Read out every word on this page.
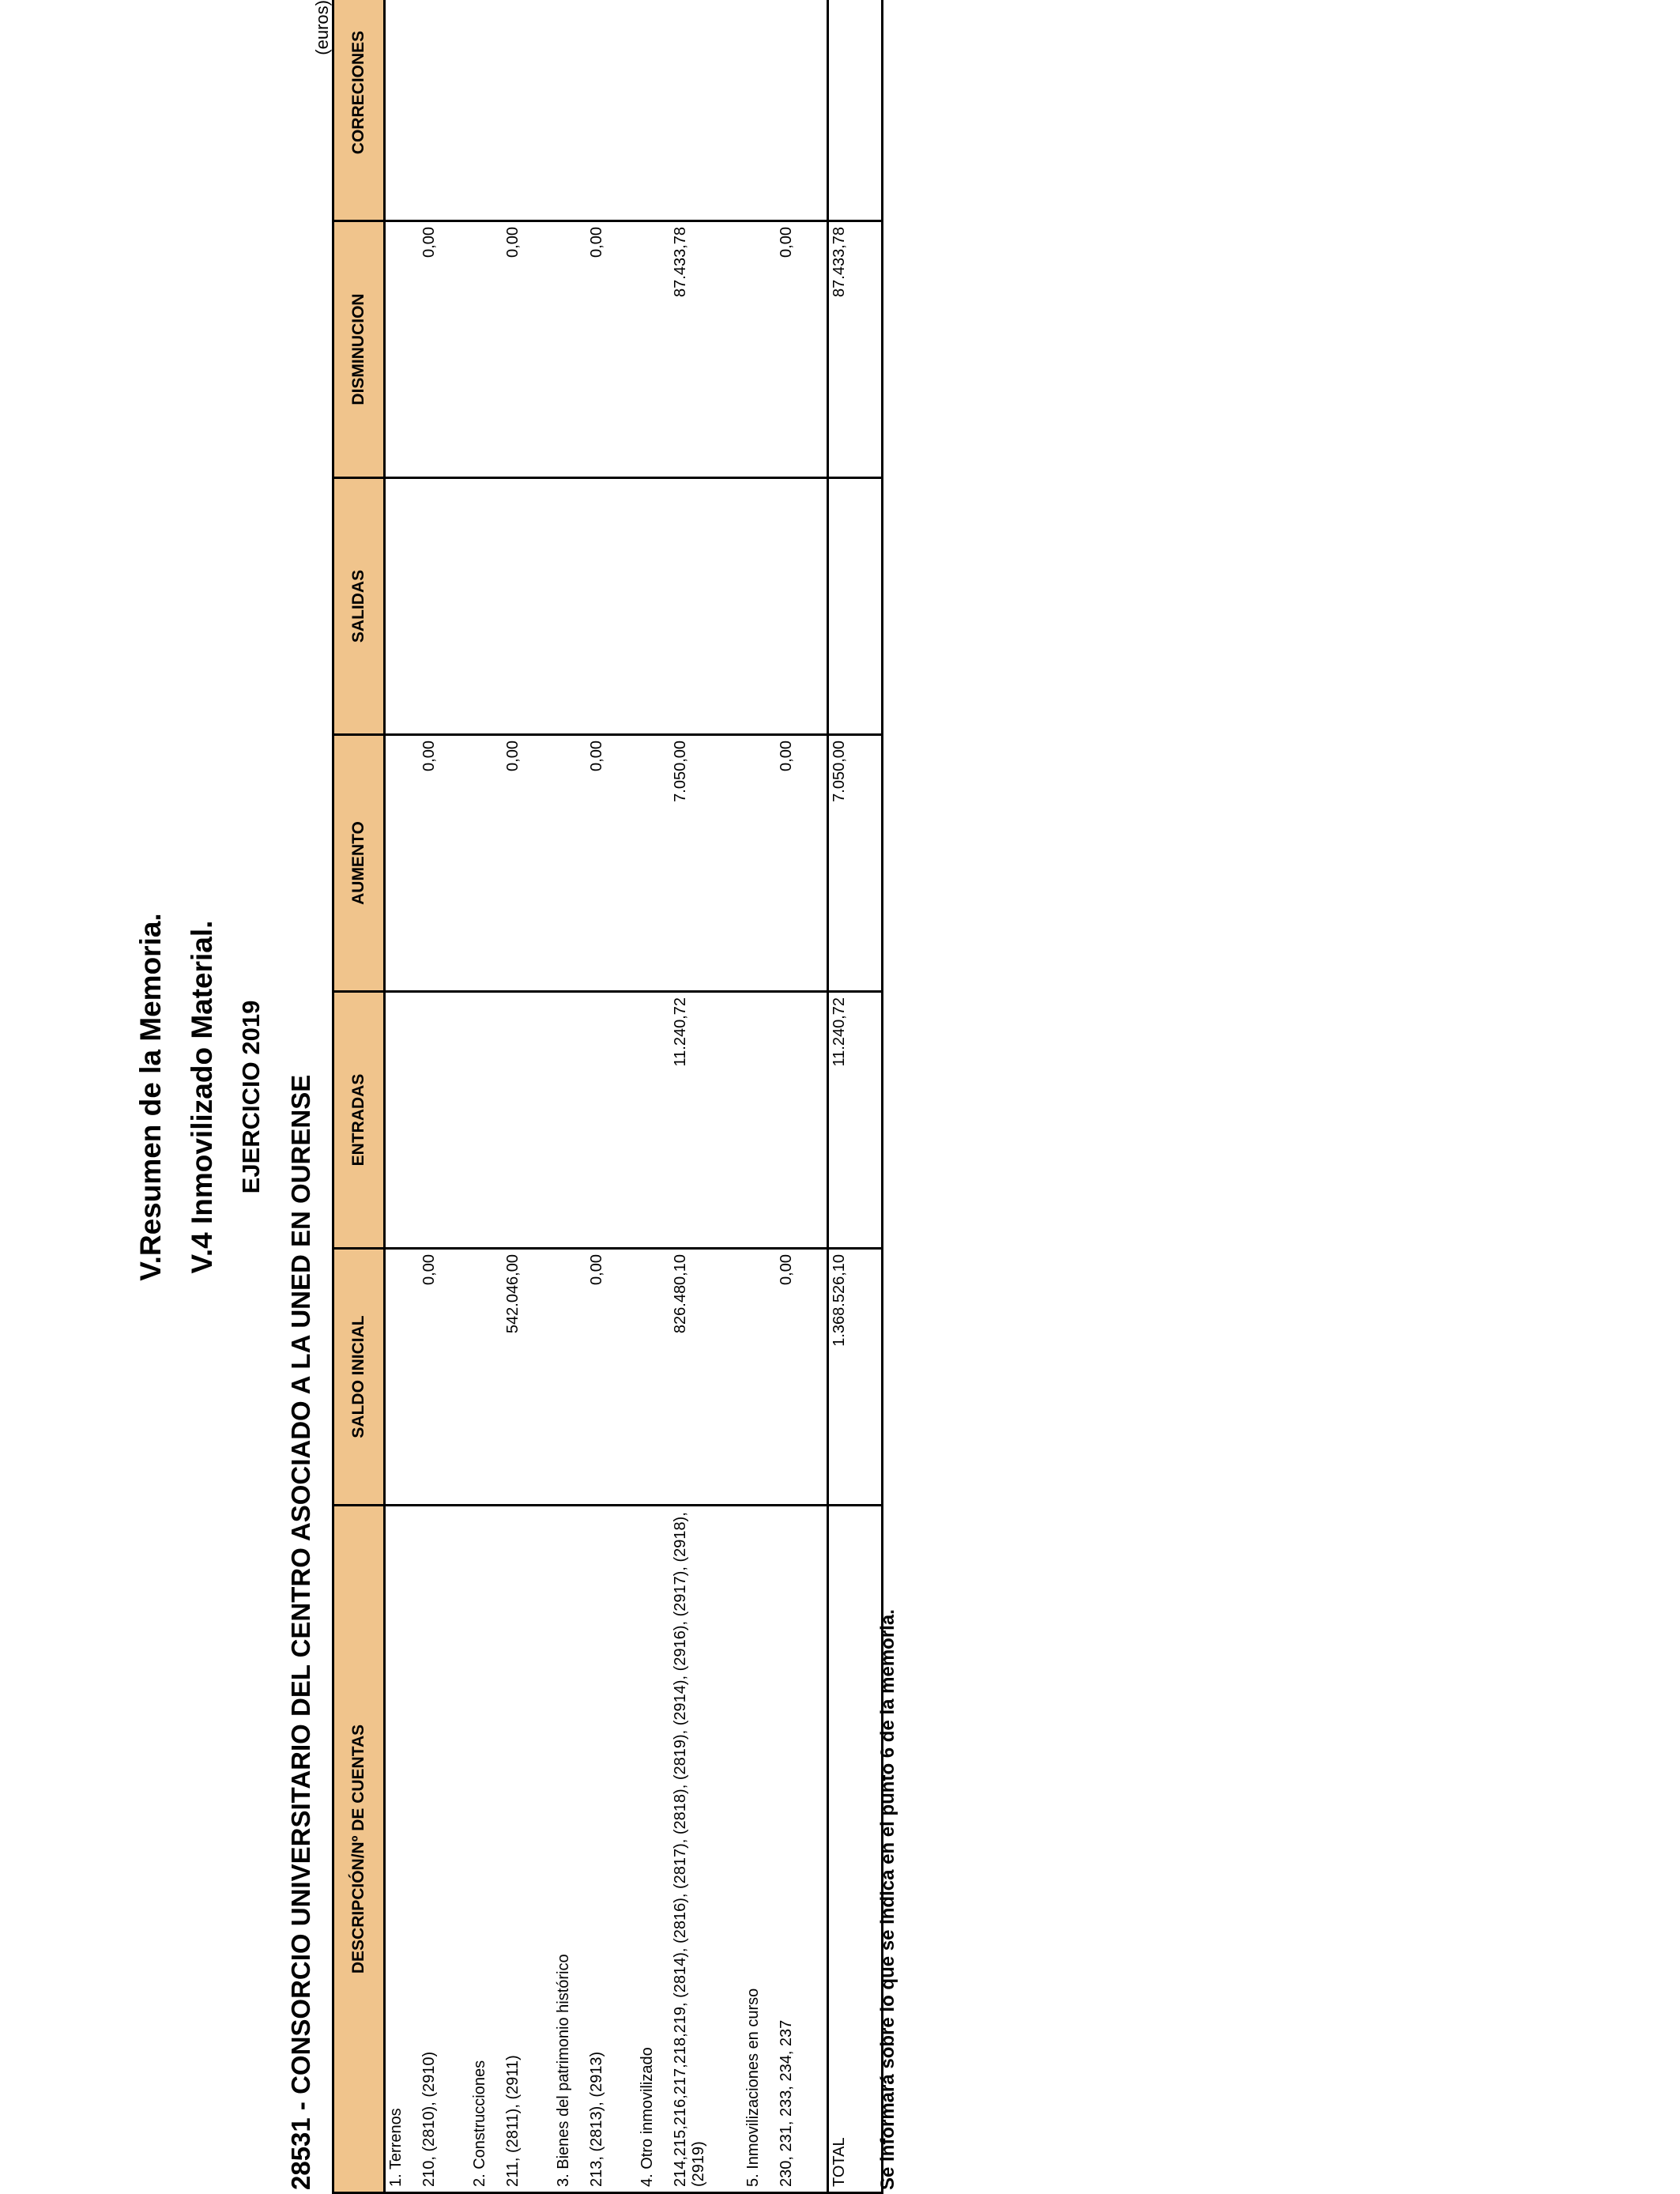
V.Resumen de la Memoria. V.4 Inmovilizado Material. EJERCICIO 2019 28531 - CONSORCIO UNIVERSITARIO DEL CENTRO ASOCIADO A LA UNED EN OURENSE
(euros)
DESCRIPCIÓN/Nº DE CUENTAS	SALDO INICIAL	ENTRADAS	AUMENTO	SALIDAS	DISMINUCION	CORRECIONES		
1. Terrenos								
210, (2810), (2910)	0,00		0,00		0,00			
2. Construcciones								
211, (2811), (2911)	542.046,00		0,00		0,00			
3. Bienes del patrimonio histórico								
213, (2813), (2913)	0,00		0,00		0,00			
4. Otro inmovilizado								
214,215,216,217,218,219, (2814), (2816), (2817), (2818), (2819), (2914), (2916), (2917), (2918), (2919)	826.480,10	11.240,72	7.050,00		87.433,78			
5. Inmovilizaciones en curso								
230, 231, 233, 234, 237	0,00		0,00		0,00			
TOTAL	1.368.526,10	11.240,72	7.050,00		87.433,78			
Se informará sobre lo que se indica en el punto 6 de la memoria.
